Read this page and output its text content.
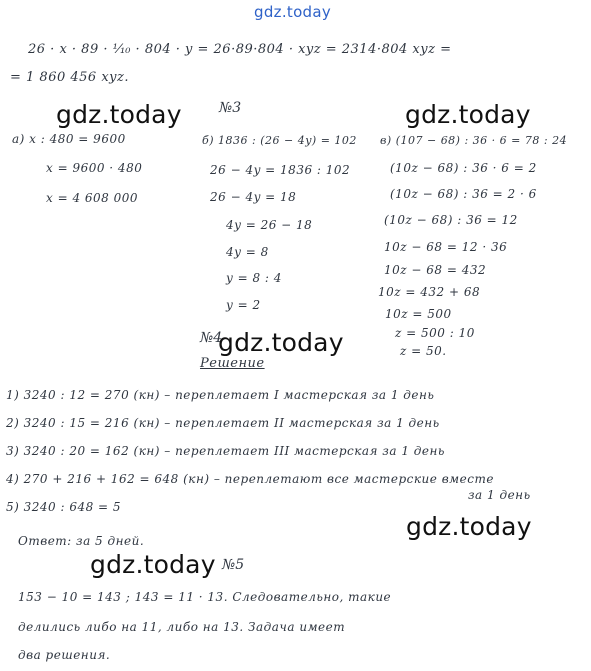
gdz.today
26 · x · 89 · ⅒ · 804 · y = 26·89·804 · xyz = 2314·804 xyz =
= 1 860 456 xyz.
№3
а) x : 480 = 9600
x = 9600 · 480
x = 4 608 000
б) 1836 : (26 − 4y) = 102
26 − 4y = 1836 : 102
26 − 4y = 18
4y = 26 − 18
4y = 8
y = 8 : 4
y = 2
в) (107 − 68) : 36 · 6 = 78 : 24
(10z − 68) : 36 · 6 = 2
(10z − 68) : 36 = 2 · 6
(10z − 68) : 36 = 12
10z − 68 = 12 · 36
10z − 68 = 432
10z = 432 + 68
10z = 500
z = 500 : 10
z = 50.
№4
Решение
1) 3240 : 12 = 270 (кн) – переплетает I мастерская за 1 день
2) 3240 : 15 = 216 (кн) – переплетает II мастерская за 1 день
3) 3240 : 20 = 162 (кн) – переплетает III мастерская за 1 день
4) 270 + 216 + 162 = 648 (кн) – переплетают все мастерские вместе
за 1 день
5) 3240 : 648 = 5
Ответ: за 5 дней.
№5
153 − 10 = 143 ; 143 = 11 · 13. Следовательно, такие
делились либо на 11, либо на 13. Задача имеет
два решения.
gdz.today	gdz.today
gdz.today
gdz.today
gdz.today
